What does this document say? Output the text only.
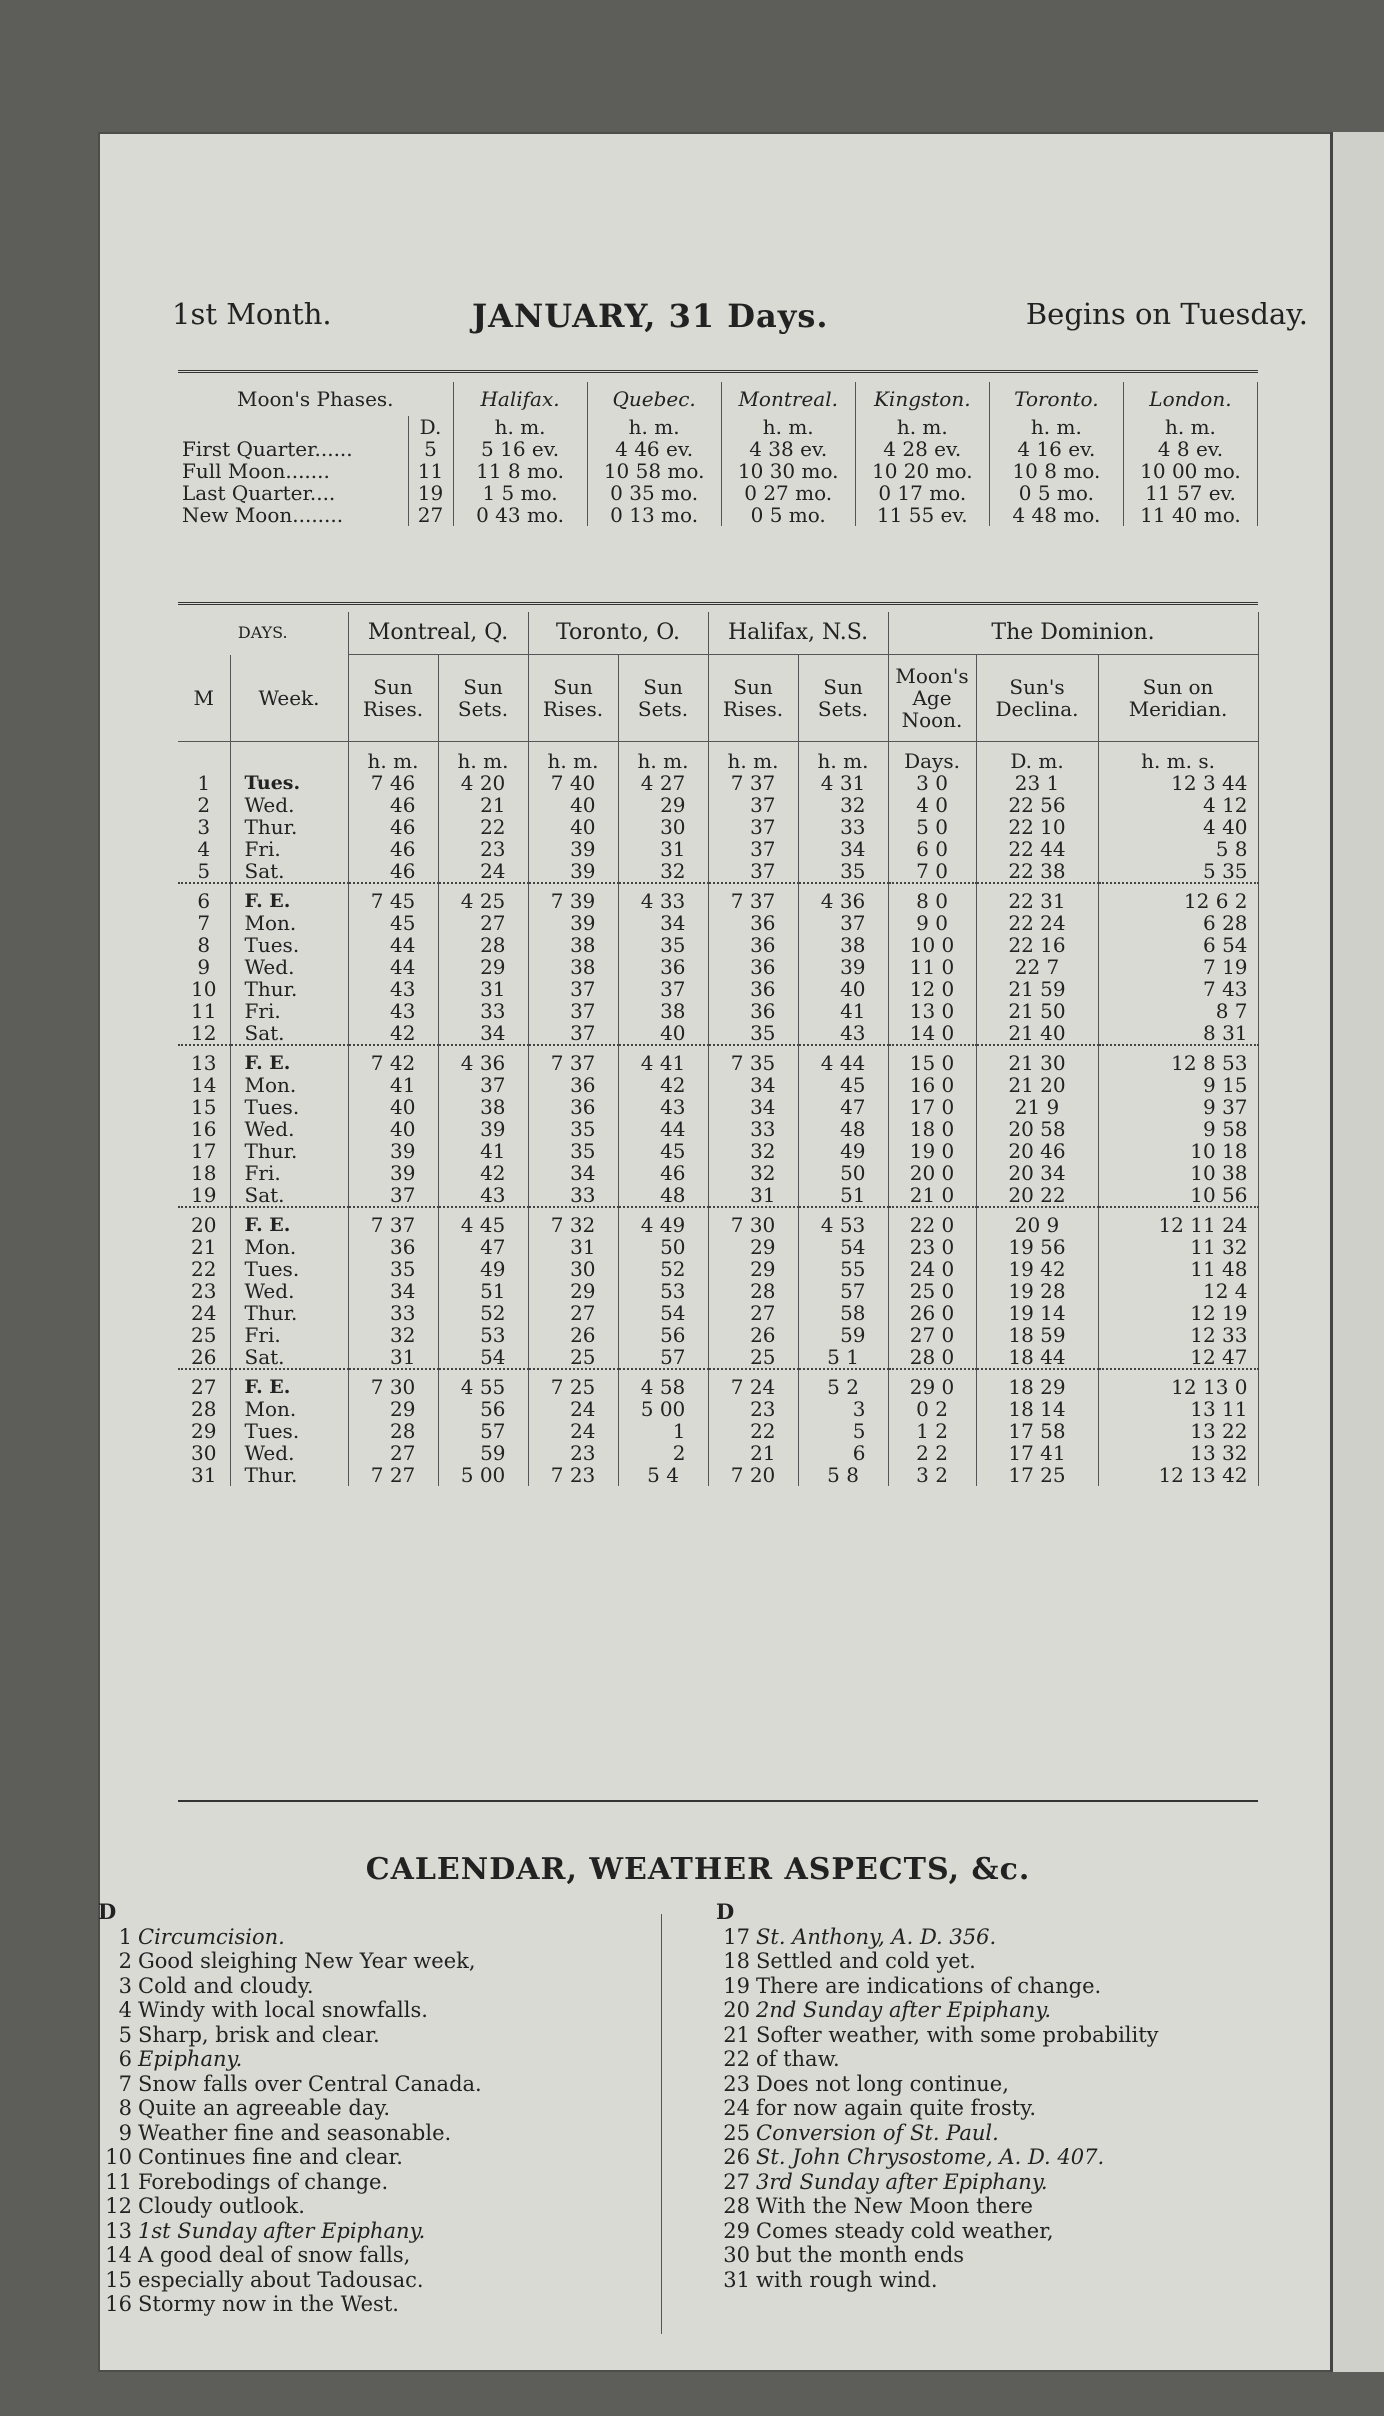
1st Month.	JANUARY, 31 Days.	Begins on Tuesday.
Moon's Phases.		Halifax.	Quebec.	Montreal.	Kingston.	Toronto.	London.
	D.	h. m.	h. m.	h. m.	h. m.	h. m.	h. m.
First Quarter......	5	5 16 ev.	4 46 ev.	4 38 ev.	4 28 ev.	4 16 ev.	4 8 ev.
Full Moon.......	11	11 8 mo.	10 58 mo.	10 30 mo.	10 20 mo.	10 8 mo.	10 00 mo.
Last Quarter....	19	1 5 mo.	0 35 mo.	0 27 mo.	0 17 mo.	0 5 mo.	11 57 ev.
New Moon........	27	0 43 mo.	0 13 mo.	0 5 mo.	11 55 ev.	4 48 mo.	11 40 mo.
DAYS.		Montreal, Q.		Toronto, O.		Halifax, N.S.		The Dominion.		
M	Week.	Sun Rises.	Sun Sets.	Sun Rises.	Sun Sets.	Sun Rises.	Sun Sets.	Moon's Age Noon.	Sun's Declina.	Sun on Meridian.
		h. m.	h. m.	h. m.	h. m.	h. m.	h. m.	Days.	D. m.	h. m. s.
1	Tues.	7 46	4 20	7 40	4 27	7 37	4 31	3 0	23 1	12 3 44
2	Wed.	46	21	40	29	37	32	4 0	22 56	4 12
3	Thur.	46	22	40	30	37	33	5 0	22 10	4 40
4	Fri.	46	23	39	31	37	34	6 0	22 44	5 8
5	Sat.	46	24	39	32	37	35	7 0	22 38	5 35

6	F. E.	7 45	4 25	7 39	4 33	7 37	4 36	8 0	22 31	12 6 2
7	Mon.	45	27	39	34	36	37	9 0	22 24	6 28
8	Tues.	44	28	38	35	36	38	10 0	22 16	6 54
9	Wed.	44	29	38	36	36	39	11 0	22 7	7 19
10	Thur.	43	31	37	37	36	40	12 0	21 59	7 43
11	Fri.	43	33	37	38	36	41	13 0	21 50	8 7
12	Sat.	42	34	37	40	35	43	14 0	21 40	8 31

13	F. E.	7 42	4 36	7 37	4 41	7 35	4 44	15 0	21 30	12 8 53
14	Mon.	41	37	36	42	34	45	16 0	21 20	9 15
15	Tues.	40	38	36	43	34	47	17 0	21 9	9 37
16	Wed.	40	39	35	44	33	48	18 0	20 58	9 58
17	Thur.	39	41	35	45	32	49	19 0	20 46	10 18
18	Fri.	39	42	34	46	32	50	20 0	20 34	10 38
19	Sat.	37	43	33	48	31	51	21 0	20 22	10 56

20	F. E.	7 37	4 45	7 32	4 49	7 30	4 53	22 0	20 9	12 11 24
21	Mon.	36	47	31	50	29	54	23 0	19 56	11 32
22	Tues.	35	49	30	52	29	55	24 0	19 42	11 48
23	Wed.	34	51	29	53	28	57	25 0	19 28	12 4
24	Thur.	33	52	27	54	27	58	26 0	19 14	12 19
25	Fri.	32	53	26	56	26	59	27 0	18 59	12 33
26	Sat.	31	54	25	57	25	5 1	28 0	18 44	12 47

27	F. E.	7 30	4 55	7 25	4 58	7 24	5 2	29 0	18 29	12 13 0
28	Mon.	29	56	24	5 00	23	3	0 2	18 14	13 11
29	Tues.	28	57	24	1	22	5	1 2	17 58	13 22
30	Wed.	27	59	23	2	21	6	2 2	17 41	13 32
31	Thur.	7 27	5 00	7 23	5 4	7 20	5 8	3 2	17 25	12 13 42
CALENDAR, WEATHER ASPECTS, &c.
D
1 Circumcision.
2 Good sleighing New Year week,
3 Cold and cloudy.
4 Windy with local snowfalls.
5 Sharp, brisk and clear.
6 Epiphany.
7 Snow falls over Central Canada.
8 Quite an agreeable day.
9 Weather fine and seasonable.
10 Continues fine and clear.
11 Forebodings of change.
12 Cloudy outlook.
13 1st Sunday after Epiphany.
14 A good deal of snow falls,
15 especially about Tadousac.
16 Stormy now in the West.
D
17 St. Anthony, A. D. 356.
18 Settled and cold yet.
19 There are indications of change.
20 2nd Sunday after Epiphany.
21 Softer weather, with some probability
22 of thaw.
23 Does not long continue,
24 for now again quite frosty.
25 Conversion of St. Paul.
26 St. John Chrysostome, A. D. 407.
27 3rd Sunday after Epiphany.
28 With the New Moon there
29 Comes steady cold weather,
30 but the month ends
31 with rough wind.
